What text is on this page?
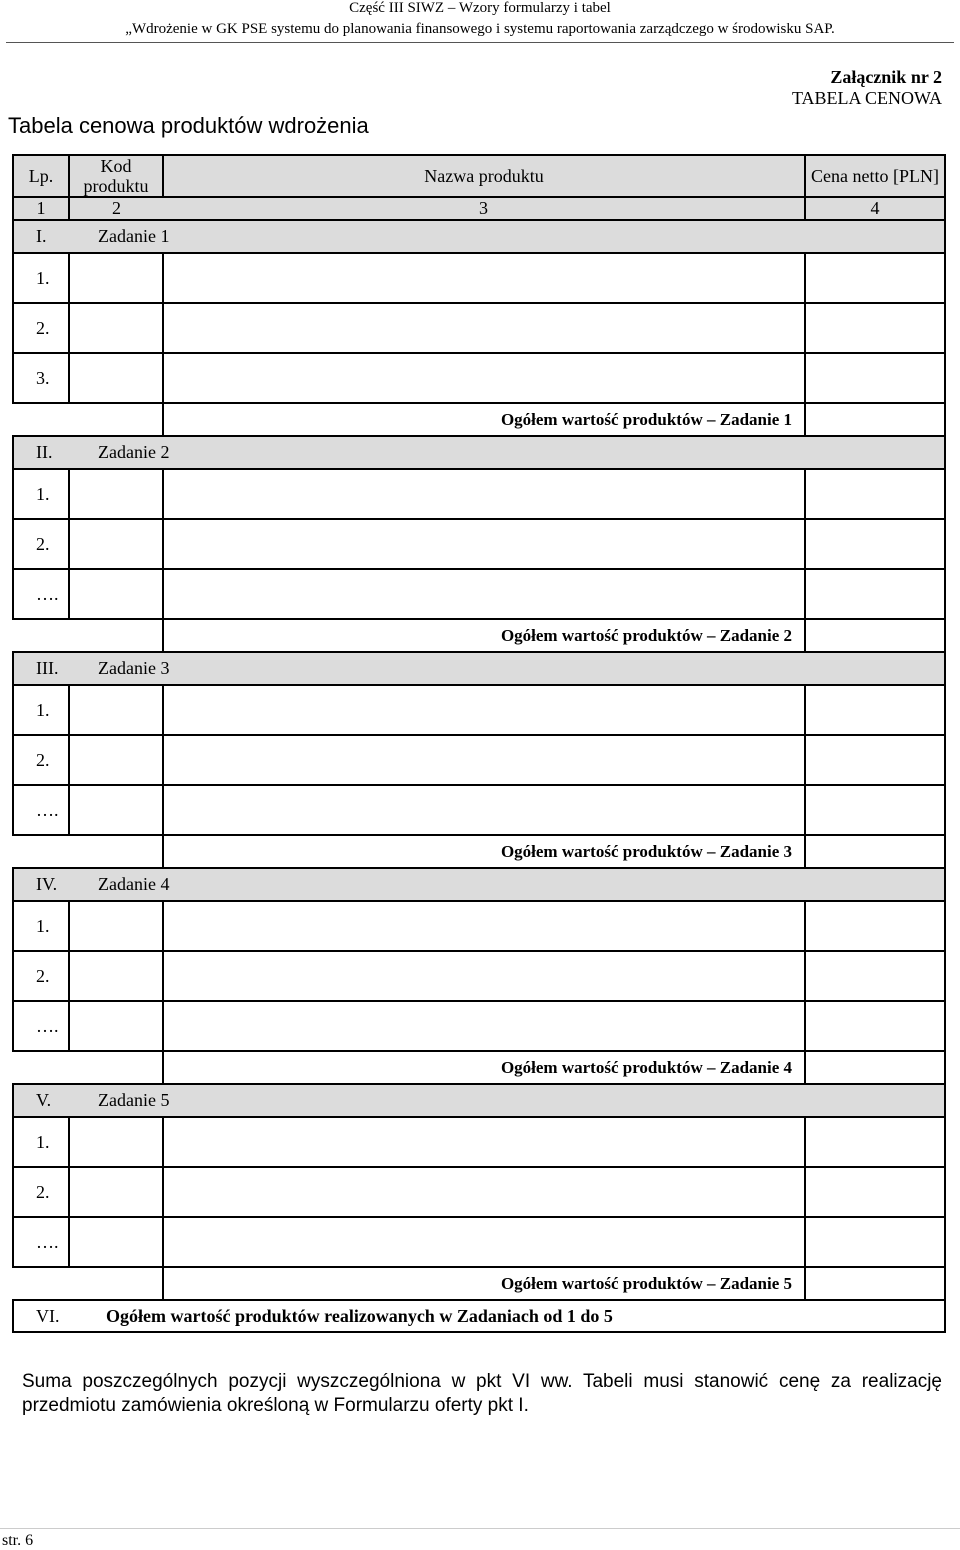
Część III SIWZ – Wzory formularzy i tabel
„Wdrożenie w GK PSE systemu do planowania finansowego i systemu raportowania zarządczego w środowisku SAP.
Załącznik nr 2
TABELA CENOWA
Tabela cenowa produktów wdrożenia
Lp.	Kod produktu	Nazwa produktu	Cena netto [PLN]
1	2	3	4
I. Zadanie 1			
1.			
2.			
3.			
		Ogółem wartość produktów – Zadanie 1	
II. Zadanie 2			
1.			
2.			
….			
		Ogółem wartość produktów – Zadanie 2	
III. Zadanie 3			
1.			
2.			
….			
		Ogółem wartość produktów – Zadanie 3	
IV. Zadanie 4			
1.			
2.			
….			
		Ogółem wartość produktów – Zadanie 4	
V. Zadanie 5			
1.			
2.			
….			
		Ogółem wartość produktów – Zadanie 5	
VI. Ogółem wartość produktów realizowanych w Zadaniach od 1 do 5			
Suma poszczególnych pozycji wyszczególniona w pkt VI ww. Tabeli musi stanowić cenę za realizację przedmiotu zamówienia określoną w Formularzu oferty pkt I.
str. 6
